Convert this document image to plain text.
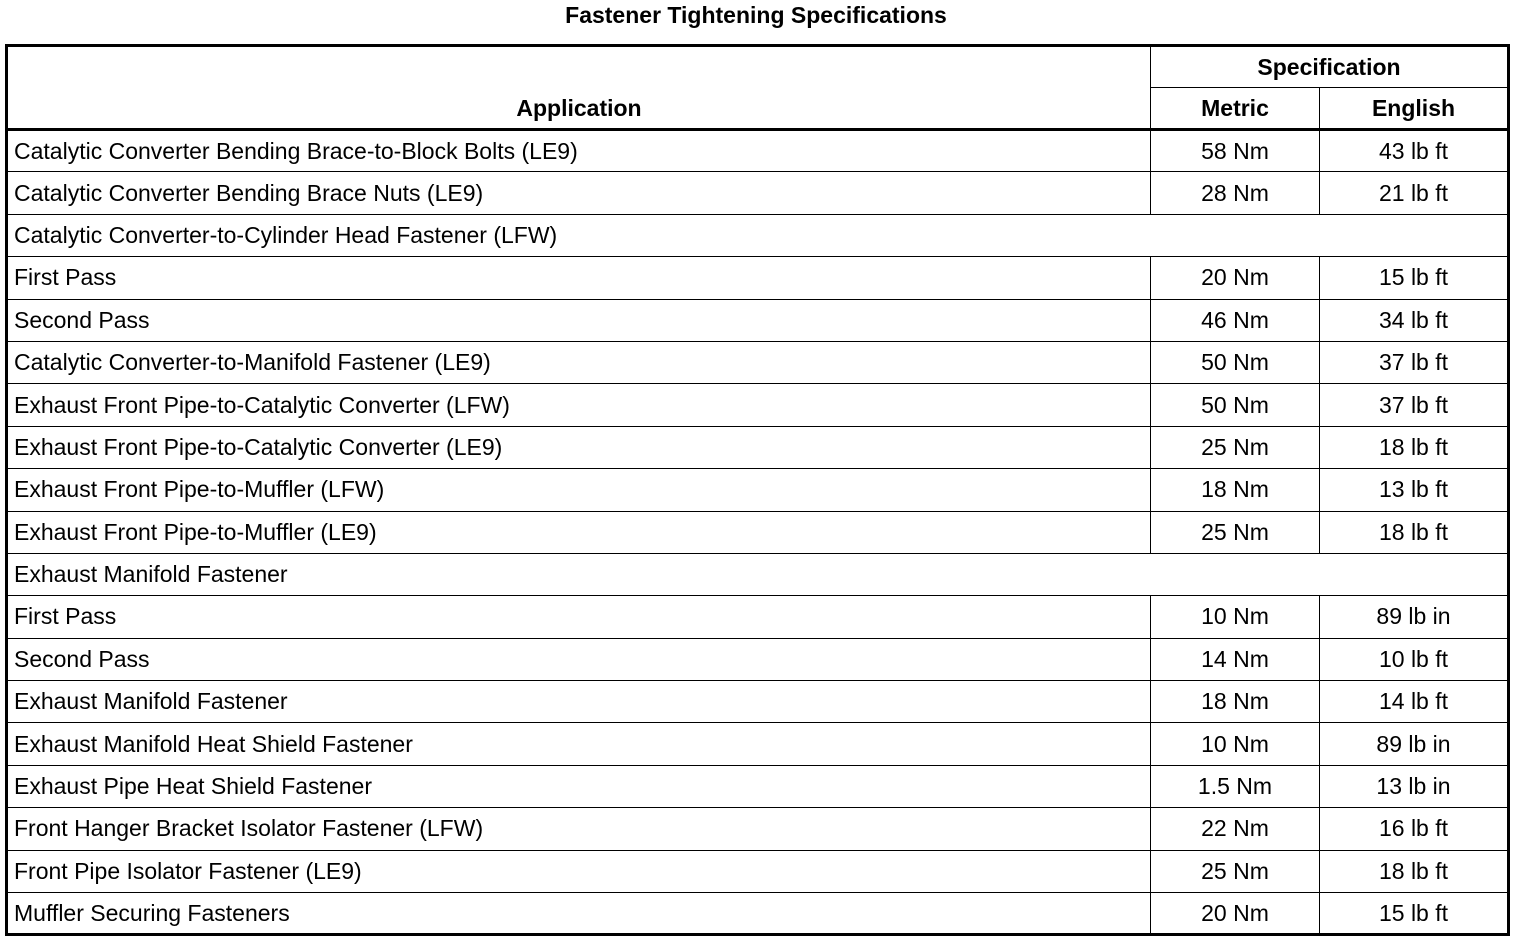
Fastener Tightening Specifications
Application	Specification	
	Metric	English
Catalytic Converter Bending Brace-to-Block Bolts (LE9)	58 Nm	43 lb ft
Catalytic Converter Bending Brace Nuts (LE9)	28 Nm	21 lb ft
Catalytic Converter-to-Cylinder Head Fastener (LFW)		
First Pass	20 Nm	15 lb ft
Second Pass	46 Nm	34 lb ft
Catalytic Converter-to-Manifold Fastener (LE9)	50 Nm	37 lb ft
Exhaust Front Pipe-to-Catalytic Converter (LFW)	50 Nm	37 lb ft
Exhaust Front Pipe-to-Catalytic Converter (LE9)	25 Nm	18 lb ft
Exhaust Front Pipe-to-Muffler (LFW)	18 Nm	13 lb ft
Exhaust Front Pipe-to-Muffler (LE9)	25 Nm	18 lb ft
Exhaust Manifold Fastener		
First Pass	10 Nm	89 lb in
Second Pass	14 Nm	10 lb ft
Exhaust Manifold Fastener	18 Nm	14 lb ft
Exhaust Manifold Heat Shield Fastener	10 Nm	89 lb in
Exhaust Pipe Heat Shield Fastener	1.5 Nm	13 lb in
Front Hanger Bracket Isolator Fastener (LFW)	22 Nm	16 lb ft
Front Pipe Isolator Fastener (LE9)	25 Nm	18 lb ft
Muffler Securing Fasteners	20 Nm	15 lb ft
